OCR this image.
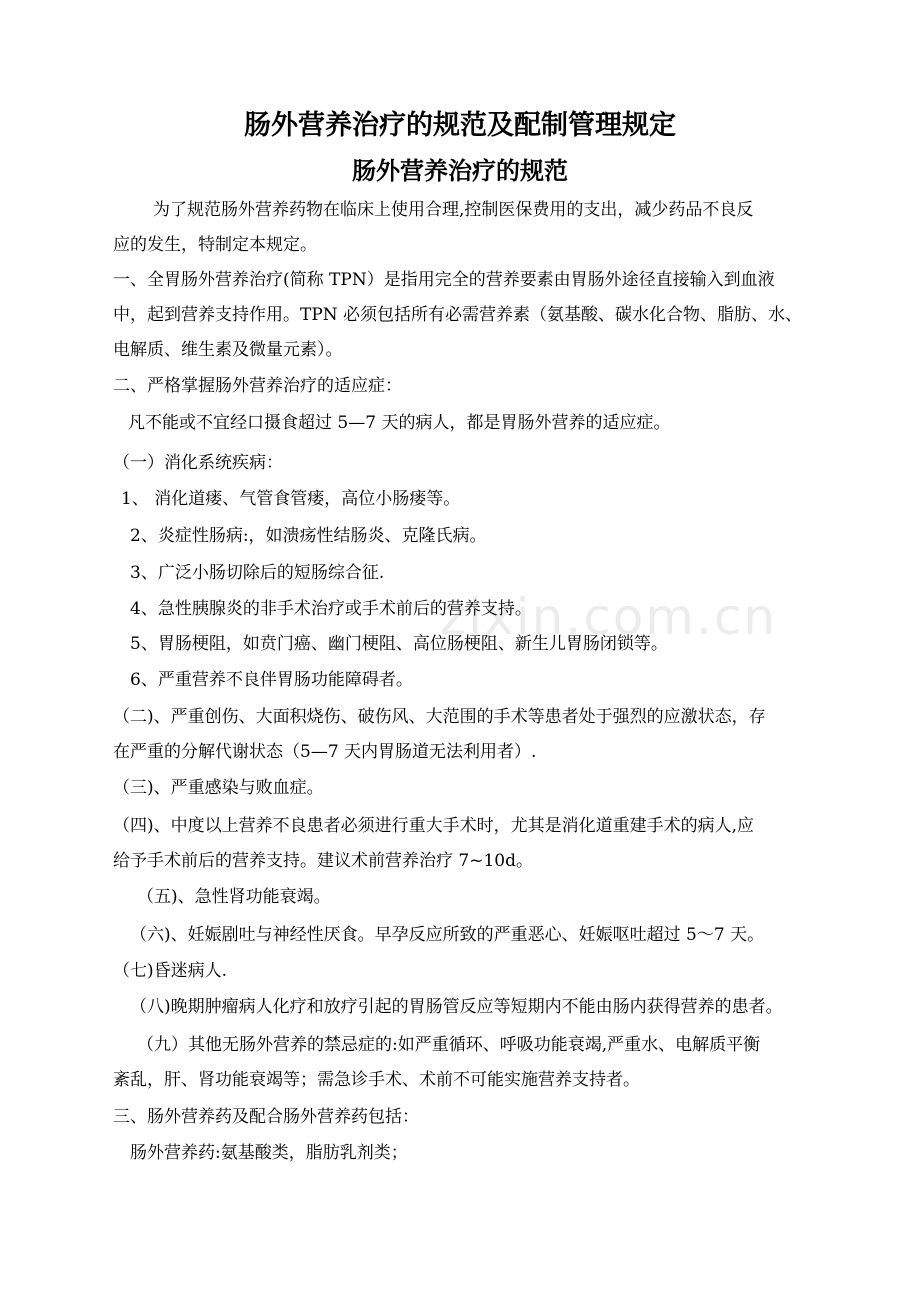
肠外营养治疗的规范及配制管理规定
肠外营养治疗的规范
zixin.com.cn
为了规范肠外营养药物在临床上使用合理,控制医保费用的支出，减少药品不良反
应的发生，特制定本规定。
一、全胃肠外营养治疗(简称 TPN）是指用完全的营养要素由胃肠外途径直接输入到血液
中，起到营养支持作用。TPN 必须包括所有必需营养素（氨基酸、碳水化合物、脂肪、水、
电解质、维生素及微量元素）。
二、严格掌握肠外营养治疗的适应症：
凡不能或不宜经口摄食超过 5—7 天的病人，都是胃肠外营养的适应症。
（一）消化系统疾病：
1、 消化道瘘、气管食管瘘，高位小肠瘘等。
2、炎症性肠病:，如溃疡性结肠炎、克隆氏病。
3、广泛小肠切除后的短肠综合征.
4、急性胰腺炎的非手术治疗或手术前后的营养支持。
5、胃肠梗阻，如贲门癌、幽门梗阻、高位肠梗阻、新生儿胃肠闭锁等。
6、严重营养不良伴胃肠功能障碍者。
（二)、严重创伤、大面积烧伤、破伤风、大范围的手术等患者处于强烈的应激状态，存
在严重的分解代谢状态（5—7 天内胃肠道无法利用者）.
（三)、严重感染与败血症。
（四)、中度以上营养不良患者必须进行重大手术时，尤其是消化道重建手术的病人,应
给予手术前后的营养支持。建议术前营养治疗 7~10d。
（五)、急性肾功能衰竭。
（六)、妊娠剧吐与神经性厌食。早孕反应所致的严重恶心、妊娠呕吐超过 5～7 天。
（七)昏迷病人.
（八)晚期肿瘤病人化疗和放疗引起的胃肠管反应等短期内不能由肠内获得营养的患者。
（九）其他无肠外营养的禁忌症的:如严重循环、呼吸功能衰竭,严重水、电解质平衡
紊乱，肝、肾功能衰竭等；需急诊手术、术前不可能实施营养支持者。
三、肠外营养药及配合肠外营养药包括：
肠外营养药:氨基酸类，脂肪乳剂类；
